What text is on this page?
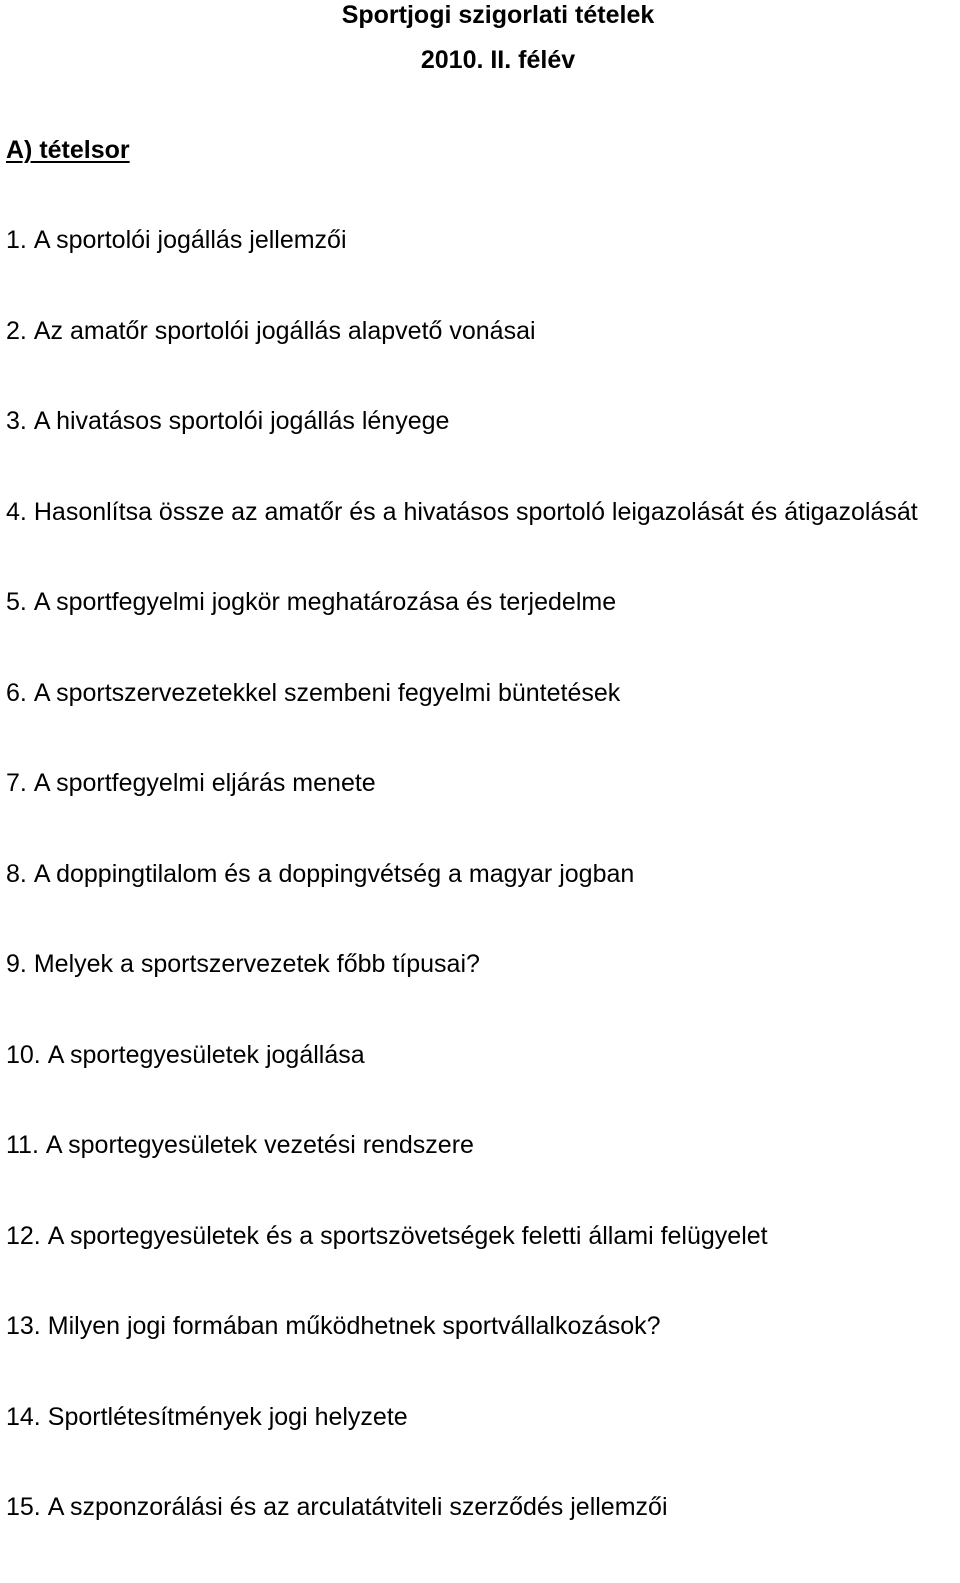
Sportjogi szigorlati tételek
2010. II. félév
A) tételsor
1. A sportolói jogállás jellemzői
2. Az amatőr sportolói jogállás alapvető vonásai
3. A hivatásos sportolói jogállás lényege
4. Hasonlítsa össze az amatőr és a hivatásos sportoló leigazolását és átigazolását
5. A sportfegyelmi jogkör meghatározása és terjedelme
6. A sportszervezetekkel szembeni fegyelmi büntetések
7. A sportfegyelmi eljárás menete
8. A doppingtilalom és a doppingvétség a magyar jogban
9. Melyek a sportszervezetek főbb típusai?
10. A sportegyesületek jogállása
11. A sportegyesületek vezetési rendszere
12. A sportegyesületek és a sportszövetségek feletti állami felügyelet
13. Milyen jogi formában működhetnek sportvállalkozások?
14. Sportlétesítmények jogi helyzete
15. A szponzorálási és az arculatátviteli szerződés jellemzői
